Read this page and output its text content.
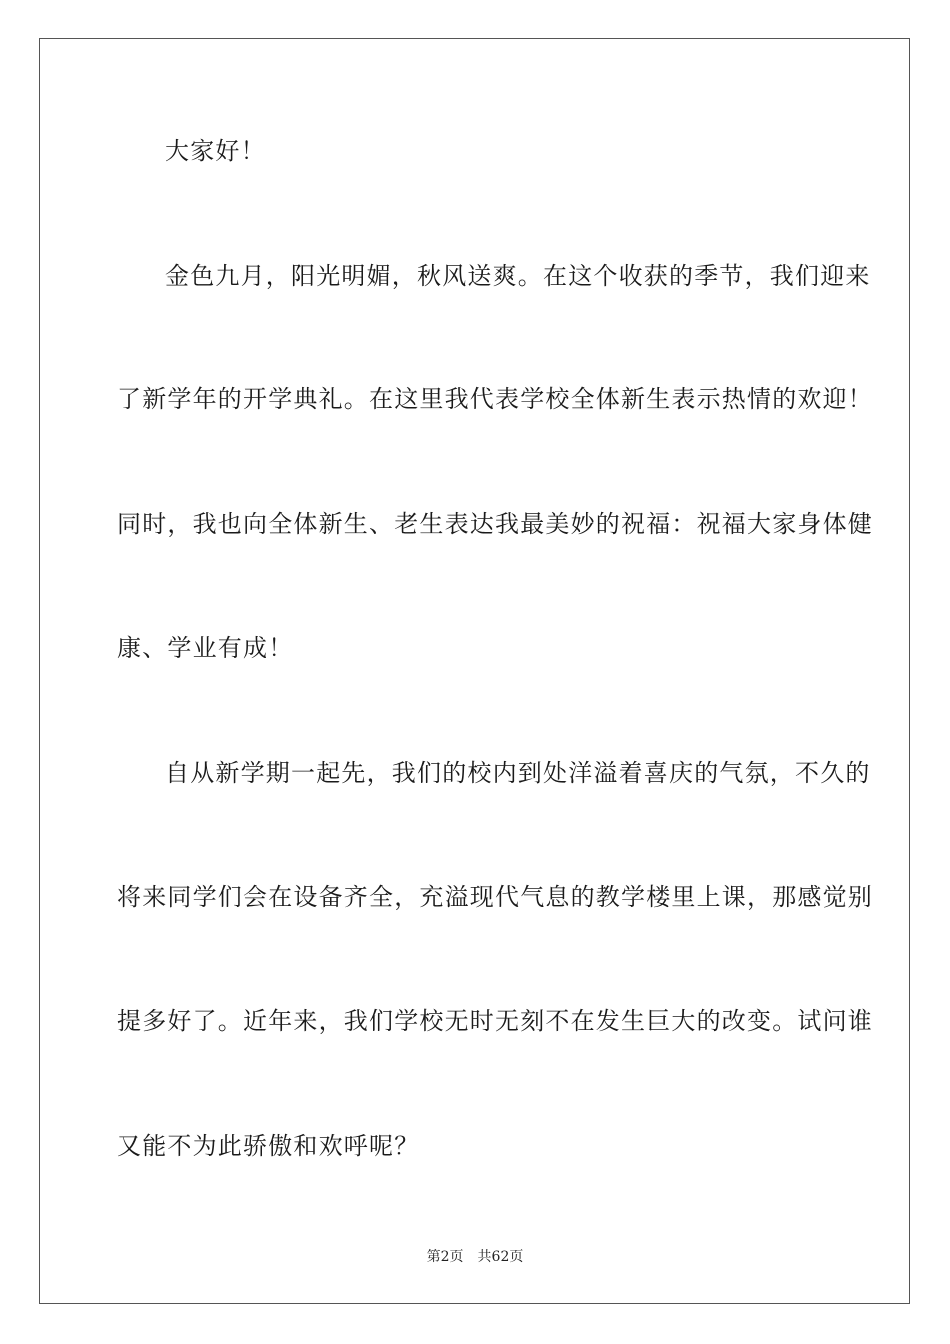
大家好！
金色九月，阳光明媚，秋风送爽。在这个收获的季节，我们迎来
了新学年的开学典礼。在这里我代表学校全体新生表示热情的欢迎！
同时，我也向全体新生、老生表达我最美妙的祝福：祝福大家身体健
康、学业有成！
自从新学期一起先，我们的校内到处洋溢着喜庆的气氛，不久的
将来同学们会在设备齐全，充溢现代气息的教学楼里上课，那感觉别
提多好了。近年来，我们学校无时无刻不在发生巨大的改变。试问谁
又能不为此骄傲和欢呼呢？
第2页 共62页
